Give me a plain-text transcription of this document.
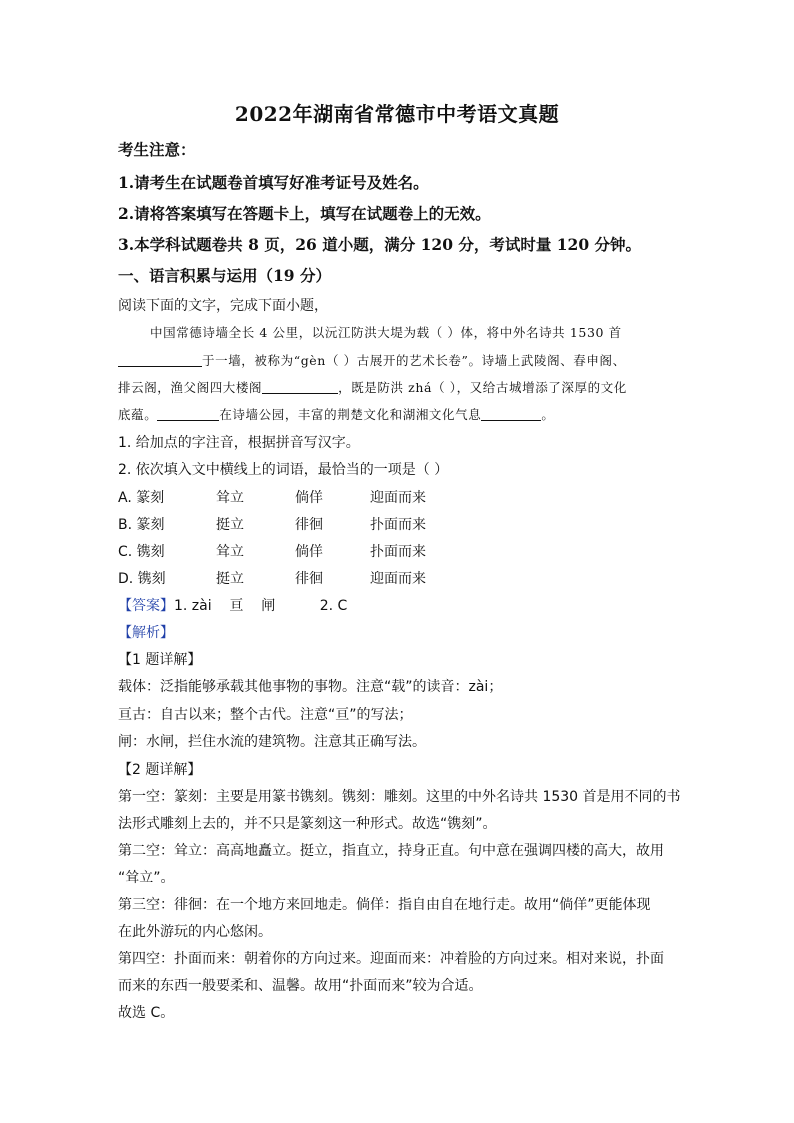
2022年湖南省常德市中考语文真题
考生注意：
1.请考生在试题卷首填写好准考证号及姓名。
2.请将答案填写在答题卡上，填写在试题卷上的无效。
3.本学科试题卷共 8 页，26 道小题，满分 120 分，考试时量 120 分钟。
一、语言积累与运用（19 分）
阅读下面的文字，完成下面小题，
中国常德诗墙全长 4 公里，以沅江防洪大堤为载（ ）体，将中外名诗共 1530 首
于一墙，被称为“gèn（ ）古展开的艺术长卷”。诗墙上武陵阁、春申阁、
排云阁，渔父阁四大楼阁	，既是防洪 zhá（ ），又给古城增添了深厚的文化
底蕴。	在诗墙公园，丰富的荆楚文化和湖湘文化气息	。
1. 给加点的字注音，根据拼音写汉字。
2. 依次填入文中横线上的词语，最恰当的一项是（ ）
A. 篆刻	耸立	倘佯	迎面而来
B. 篆刻	挺立	徘徊	扑面而来
C. 镌刻	耸立	倘佯	扑面而来
D. 镌刻	挺立	徘徊	迎面而来
【答案】1. zài    亘    闸          2. C
【解析】
【1 题详解】
载体：泛指能够承载其他事物的事物。注意“载”的读音：zài；
亘古：自古以来；整个古代。注意“亘”的写法；
闸：水闸，拦住水流的建筑物。注意其正确写法。
【2 题详解】
第一空：篆刻：主要是用篆书镌刻。镌刻：雕刻。这里的中外名诗共 1530 首是用不同的书
法形式雕刻上去的，并不只是篆刻这一种形式。故选“镌刻”。
第二空：耸立：高高地矗立。挺立，指直立，持身正直。句中意在强调四楼的高大，故用
“耸立”。
第三空：徘徊：在一个地方来回地走。倘佯：指自由自在地行走。故用“倘佯”更能体现
在此外游玩的内心悠闲。
第四空：扑面而来：朝着你的方向过来。迎面而来：冲着脸的方向过来。相对来说，扑面
而来的东西一般要柔和、温馨。故用“扑面而来”较为合适。
故选 C。
